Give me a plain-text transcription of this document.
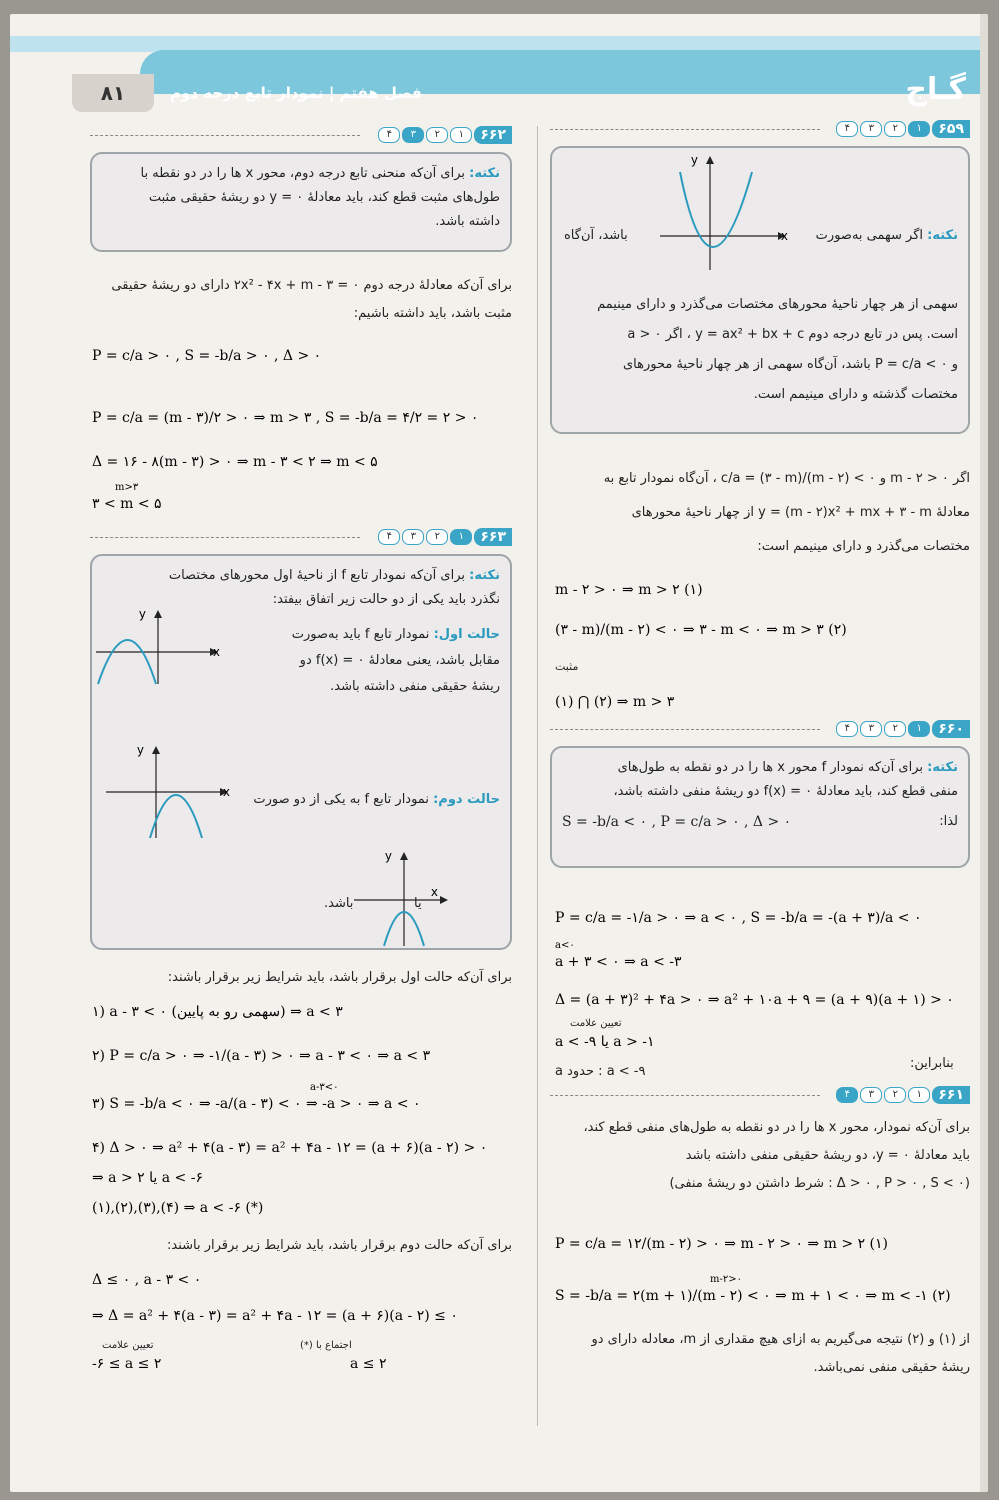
۸۱	فصل هفتم | نمودار تابع درجه دوم	گـاج
۶۵۹
۱
۲
۳
۴
نکته: اگر سهمی به‌صورت
باشد، آن‌گاه	x
y
سهمی از هر چهار ناحیهٔ محورهای مختصات می‌گذرد و دارای مینیمم
است. پس در تابع درجه دوم y = ax² + bx + c ، اگر a > ۰
و P = c/a < ۰ باشد، آن‌گاه سهمی از هر چهار ناحیهٔ محورهای
مختصات گذشته و دارای مینیمم است.
اگر m - ۲ > ۰ و c/a = (۳ - m)/(m - ۲) < ۰ ، آن‌گاه نمودار تابع به
معادلهٔ y = (m - ۲)x² + mx + ۳ - m از چهار ناحیهٔ محورهای
مختصات می‌گذرد و دارای مینیمم است:
m - ۲ > ۰ ⇒ m > ۲ (۱)
(۳ - m)/(m - ۲) < ۰ ⇒ ۳ - m < ۰ ⇒ m > ۳ (۲)
مثبت
(۱) ⋂ (۲) ⇒ m > ۳
۶۶۰
۱
۲
۳
۴
نکته: برای آن‌که نمودار f محور x ها را در دو نقطه به طول‌های
منفی قطع کند، باید معادلهٔ f(x) = ۰ دو ریشهٔ منفی داشته باشد،
لذا:
S = -b/a < ۰ , P = c/a > ۰ , Δ > ۰
P = c/a = -۱/a > ۰ ⇒ a < ۰ , S = -b/a = -(a + ۳)/a < ۰
a<۰
a + ۳ < ۰ ⇒ a < -۳
Δ = (a + ۳)² + ۴a > ۰ ⇒ a² + ۱۰a + ۹ = (a + ۹)(a + ۱) > ۰
تعیین علامت
a < -۹ یا a > -۱
بنابراین:
a < -۹ : حدود a
۶۶۱
۱
۲
۳
۴
برای آن‌که نمودار، محور x ها را در دو نقطه به طول‌های منفی قطع کند،
باید معادلهٔ y = ۰، دو ریشهٔ حقیقی منفی داشته باشد
(Δ > ۰ , P > ۰ , S < ۰ : شرط داشتن دو ریشهٔ منفی)
P = c/a = ۱۲/(m - ۲) > ۰ ⇒ m - ۲ > ۰ ⇒ m > ۲ (۱)
m-۲>۰
S = -b/a = ۲(m + ۱)/(m - ۲) < ۰ ⇒ m + ۱ < ۰ ⇒ m < -۱ (۲)
از (۱) و (۲) نتیجه می‌گیریم به ازای هیچ مقداری از m، معادله دارای دو
ریشهٔ حقیقی منفی نمی‌باشد.
۶۶۲
۱
۲
۳
۴
نکته: برای آن‌که منحنی تابع درجه دوم، محور x ها را در دو نقطه با
طول‌های مثبت قطع کند، باید معادلهٔ y = ۰ دو ریشهٔ حقیقی مثبت
داشته باشد.
برای آن‌که معادلهٔ درجه دوم ۲x² - ۴x + m - ۳ = ۰ دارای دو ریشهٔ حقیقی
مثبت باشد، باید داشته باشیم:
P = c/a > ۰ , S = -b/a > ۰ , Δ > ۰
P = c/a = (m - ۳)/۲ > ۰ ⇒ m > ۳ , S = -b/a = ۴/۲ = ۲ > ۰
Δ = ۱۶ - ۸(m - ۳) > ۰ ⇒ m - ۳ < ۲ ⇒ m < ۵
m>۳
۳ < m < ۵
۶۶۳
۱
۲
۳
۴
نکته: برای آن‌که نمودار تابع f از ناحیهٔ اول محورهای مختصات
نگذرد باید یکی از دو حالت زیر اتفاق بیفتد:
حالت اول: نمودار تابع f باید به‌صورت
مقابل باشد، یعنی معادلهٔ f(x) = ۰ دو
ریشهٔ حقیقی منفی داشته باشد.
x
y
حالت دوم: نمودار تابع f به یکی از دو صورت
x
y
یا
باشد.
x
y
برای آن‌که حالت اول برقرار باشد، باید شرایط زیر برقرار باشند:
۱) a - ۳ < ۰ (سهمی رو به پایین) ⇒ a < ۳
۲) P = c/a > ۰ ⇒ -۱/(a - ۳) > ۰ ⇒ a - ۳ < ۰ ⇒ a < ۳
a-۳<۰
۳) S = -b/a < ۰ ⇒ -a/(a - ۳) < ۰ ⇒ -a > ۰ ⇒ a < ۰
۴) Δ > ۰ ⇒ a² + ۴(a - ۳) = a² + ۴a - ۱۲ = (a + ۶)(a - ۲) > ۰
⇒ a > ۲ یا a < -۶
(۱),(۲),(۳),(۴) ⇒ a < -۶ (*)
برای آن‌که حالت دوم برقرار باشد، باید شرایط زیر برقرار باشند:
Δ ≤ ۰ , a - ۳ < ۰
⇒ Δ = a² + ۴(a - ۳) = a² + ۴a - ۱۲ = (a + ۶)(a - ۲) ≤ ۰
تعیین علامت
-۶ ≤ a ≤ ۲
اجتماع با (*)
a ≤ ۲
